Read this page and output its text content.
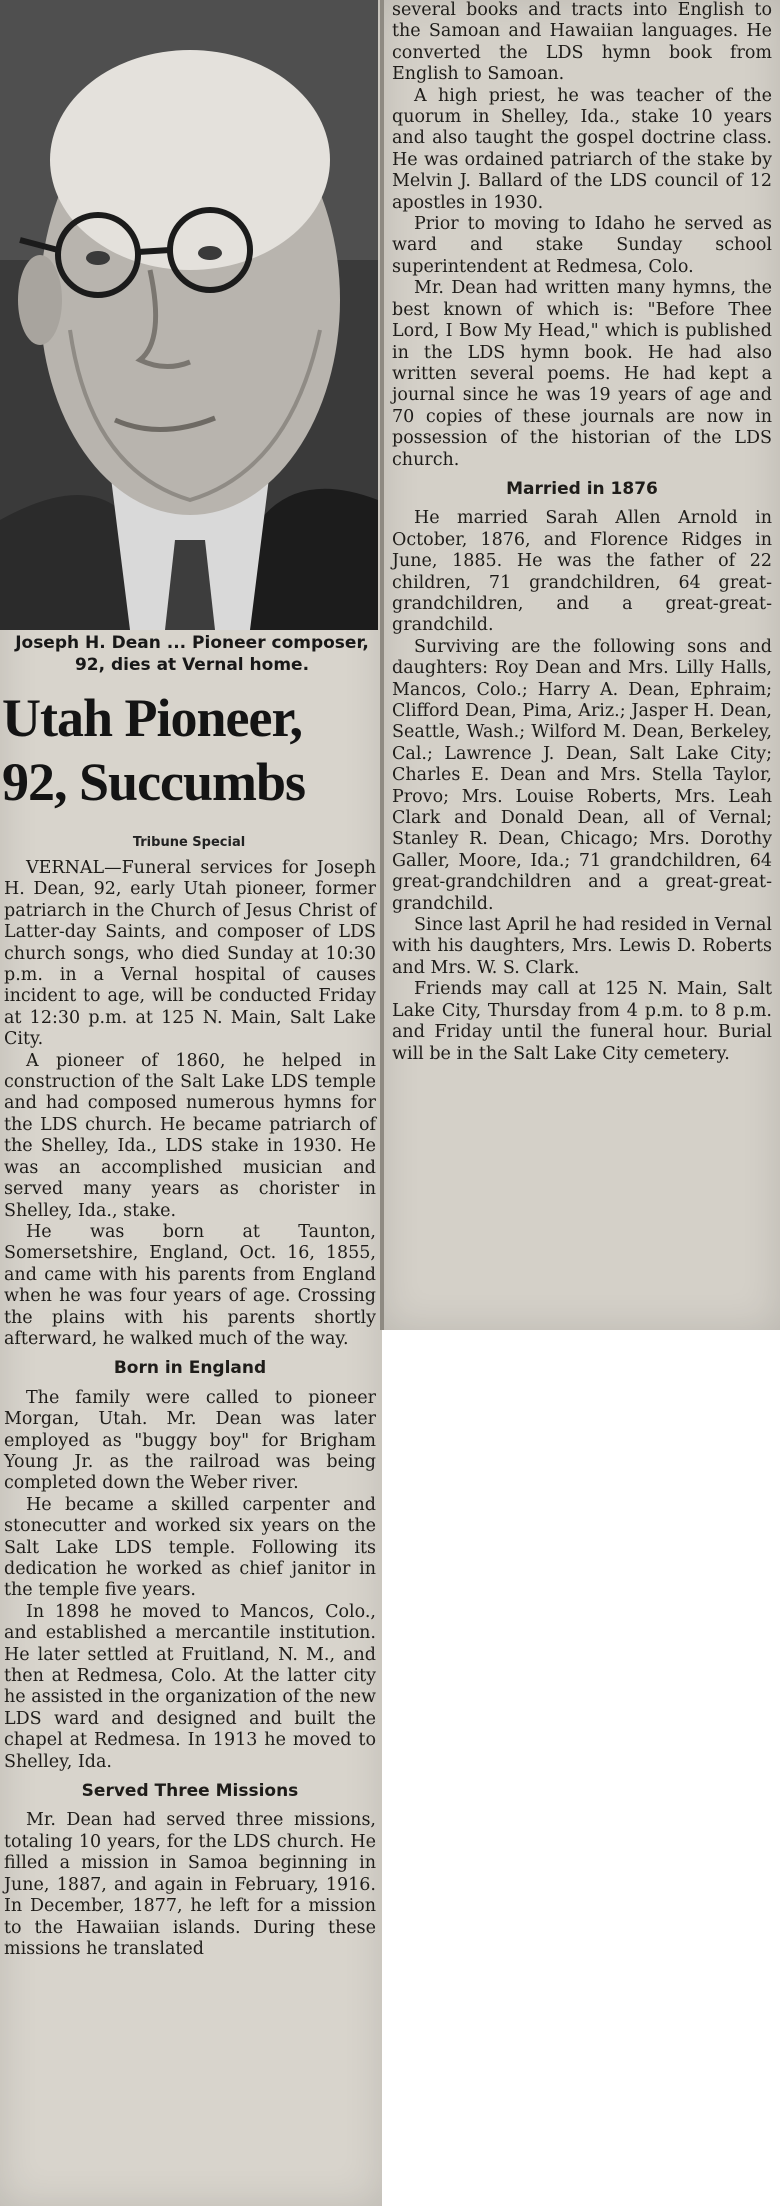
Joseph H. Dean ... Pioneer composer, 92, dies at Vernal home.
Utah Pioneer,
92, Succumbs
Tribune Special

VERNAL—Funeral services for Joseph H. Dean, 92, early Utah pioneer, former patriarch in the Church of Jesus Christ of Latter-day Saints, and composer of LDS church songs, who died Sunday at 10:30 p.m. in a Vernal hospital of causes incident to age, will be conducted Friday at 12:30 p.m. at 125 N. Main, Salt Lake City.

A pioneer of 1860, he helped in construction of the Salt Lake LDS temple and had composed numerous hymns for the LDS church. He became patriarch of the Shelley, Ida., LDS stake in 1930. He was an accomplished musician and served many years as chorister in Shelley, Ida., stake.

He was born at Taunton, Somersetshire, England, Oct. 16, 1855, and came with his parents from England when he was four years of age. Crossing the plains with his parents shortly afterward, he walked much of the way.

Born in England

The family were called to pioneer Morgan, Utah. Mr. Dean was later employed as "buggy boy" for Brigham Young Jr. as the railroad was being completed down the Weber river.

He became a skilled carpenter and stonecutter and worked six years on the Salt Lake LDS temple. Following its dedication he worked as chief janitor in the temple five years.

In 1898 he moved to Mancos, Colo., and established a mercantile institution. He later settled at Fruitland, N. M., and then at Redmesa, Colo. At the latter city he assisted in the organization of the new LDS ward and designed and built the chapel at Redmesa. In 1913 he moved to Shelley, Ida.

Served Three Missions

Mr. Dean had served three missions, totaling 10 years, for the LDS church. He filled a mission in Samoa beginning in June, 1887, and again in February, 1916. In December, 1877, he left for a mission to the Hawaiian islands. During these missions he translated

several books and tracts into English to the Samoan and Hawaiian languages. He converted the LDS hymn book from English to Samoan.

A high priest, he was teacher of the quorum in Shelley, Ida., stake 10 years and also taught the gospel doctrine class. He was ordained patriarch of the stake by Melvin J. Ballard of the LDS council of 12 apostles in 1930.

Prior to moving to Idaho he served as ward and stake Sunday school superintendent at Redmesa, Colo.

Mr. Dean had written many hymns, the best known of which is: "Before Thee Lord, I Bow My Head," which is published in the LDS hymn book. He had also written several poems. He had kept a journal since he was 19 years of age and 70 copies of these journals are now in possession of the historian of the LDS church.

Married in 1876

He married Sarah Allen Arnold in October, 1876, and Florence Ridges in June, 1885. He was the father of 22 children, 71 grandchildren, 64 great-grandchildren, and a great-great-grandchild.

Surviving are the following sons and daughters: Roy Dean and Mrs. Lilly Halls, Mancos, Colo.; Harry A. Dean, Ephraim; Clifford Dean, Pima, Ariz.; Jasper H. Dean, Seattle, Wash.; Wilford M. Dean, Berkeley, Cal.; Lawrence J. Dean, Salt Lake City; Charles E. Dean and Mrs. Stella Taylor, Provo; Mrs. Louise Roberts, Mrs. Leah Clark and Donald Dean, all of Vernal; Stanley R. Dean, Chicago; Mrs. Dorothy Galler, Moore, Ida.; 71 grandchildren, 64 great-grandchildren and a great-great-grandchild.

Since last April he had resided in Vernal with his daughters, Mrs. Lewis D. Roberts and Mrs. W. S. Clark.

Friends may call at 125 N. Main, Salt Lake City, Thursday from 4 p.m. to 8 p.m. and Friday until the funeral hour. Burial will be in the Salt Lake City cemetery.
